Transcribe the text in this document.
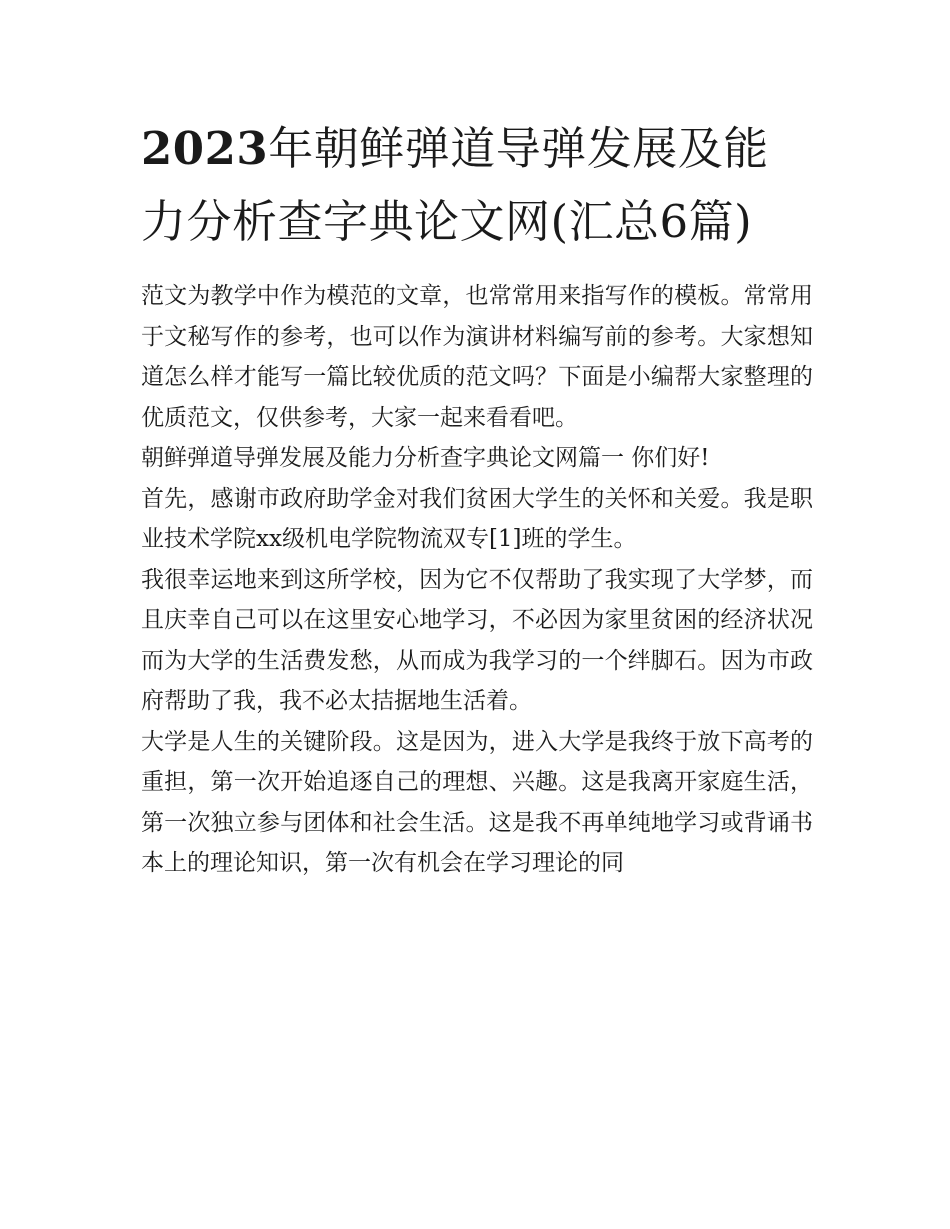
2023年朝鲜弹道导弹发展及能力分析查字典论文网(汇总6篇)

范文为教学中作为模范的文章，也常常用来指写作的模板。常常用于文秘写作的参考，也可以作为演讲材料编写前的参考。大家想知道怎么样才能写一篇比较优质的范文吗？下面是小编帮大家整理的优质范文，仅供参考，大家一起来看看吧。

朝鲜弹道导弹发展及能力分析查字典论文网篇一 你们好!

首先，感谢市政府助学金对我们贫困大学生的关怀和关爱。我是职业技术学院xx级机电学院物流双专[1]班的学生。

我很幸运地来到这所学校，因为它不仅帮助了我实现了大学梦，而且庆幸自己可以在这里安心地学习，不必因为家里贫困的经济状况而为大学的生活费发愁，从而成为我学习的一个绊脚石。因为市政府帮助了我，我不必太拮据地生活着。

大学是人生的关键阶段。这是因为，进入大学是我终于放下高考的重担，第一次开始追逐自己的理想、兴趣。这是我离开家庭生活，第一次独立参与团体和社会生活。这是我不再单纯地学习或背诵书本上的理论知识，第一次有机会在学习理论的同
